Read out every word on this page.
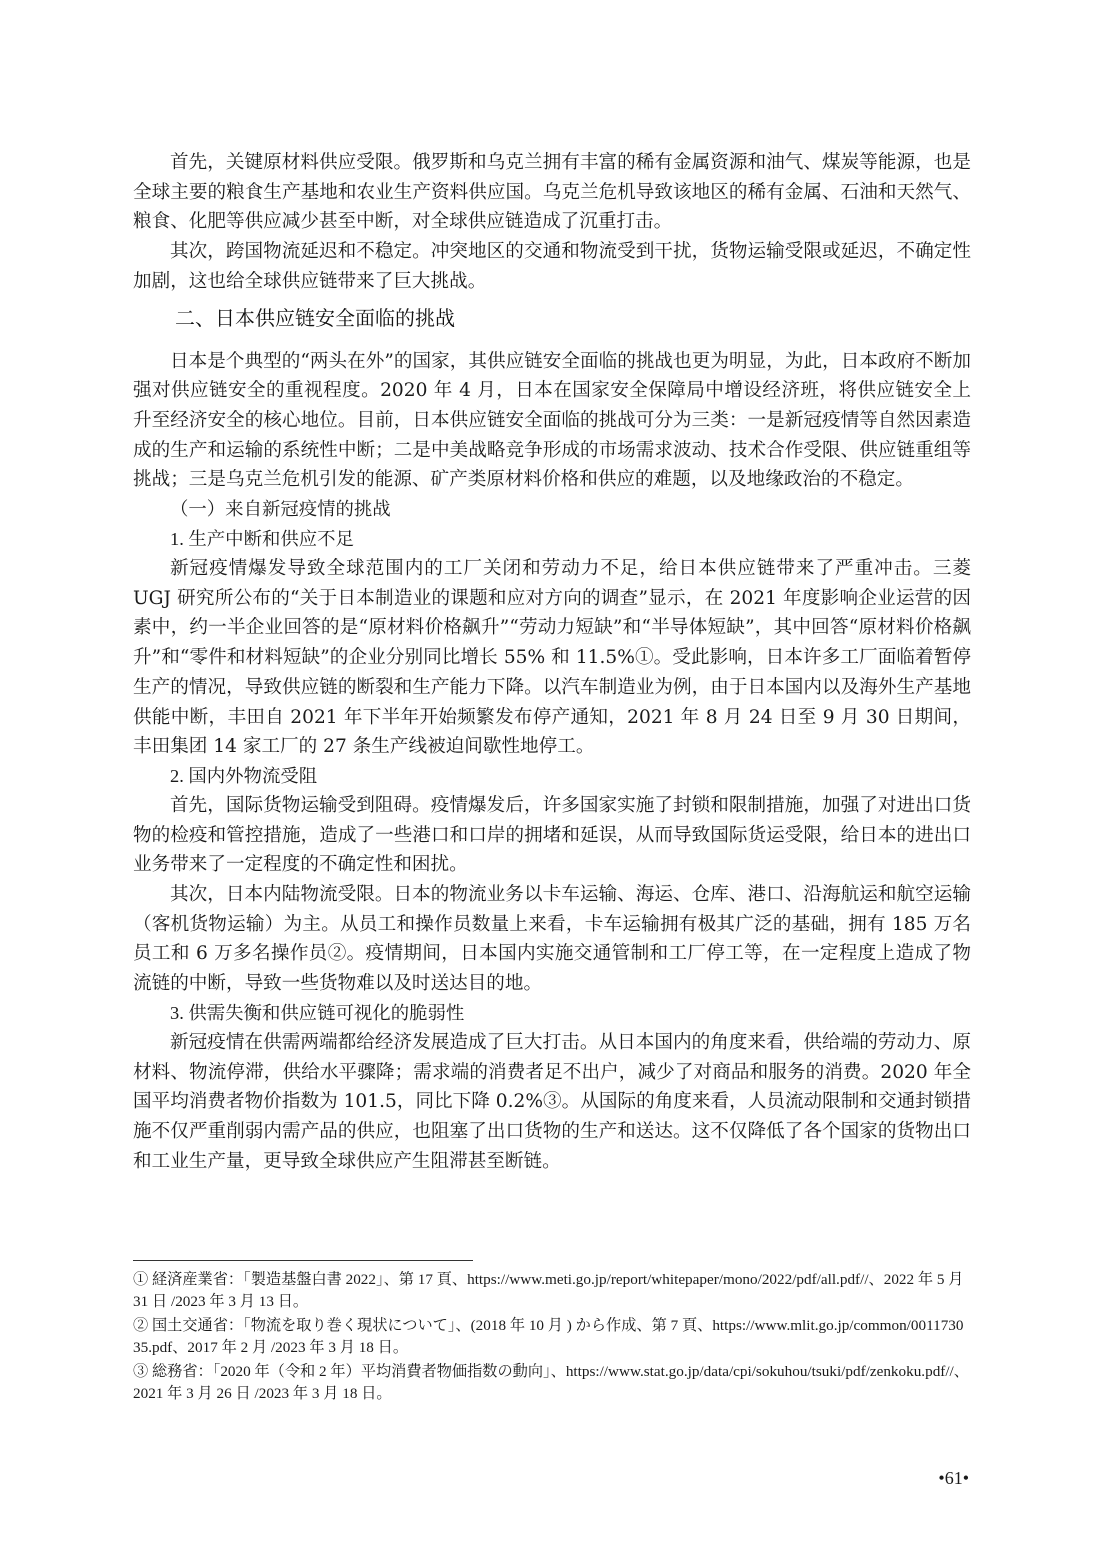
首先，关键原材料供应受限。俄罗斯和乌克兰拥有丰富的稀有金属资源和油气、煤炭等能源，也是全球主要的粮食生产基地和农业生产资料供应国。乌克兰危机导致该地区的稀有金属、石油和天然气、粮食、化肥等供应减少甚至中断，对全球供应链造成了沉重打击。

其次，跨国物流延迟和不稳定。冲突地区的交通和物流受到干扰，货物运输受限或延迟，不确定性加剧，这也给全球供应链带来了巨大挑战。

二、日本供应链安全面临的挑战

日本是个典型的“两头在外”的国家，其供应链安全面临的挑战也更为明显，为此，日本政府不断加强对供应链安全的重视程度。2020 年 4 月，日本在国家安全保障局中增设经济班，将供应链安全上升至经济安全的核心地位。目前，日本供应链安全面临的挑战可分为三类：一是新冠疫情等自然因素造成的生产和运输的系统性中断；二是中美战略竞争形成的市场需求波动、技术合作受限、供应链重组等挑战；三是乌克兰危机引发的能源、矿产类原材料价格和供应的难题，以及地缘政治的不稳定。

（一）来自新冠疫情的挑战

1. 生产中断和供应不足

新冠疫情爆发导致全球范围内的工厂关闭和劳动力不足，给日本供应链带来了严重冲击。三菱 UGJ 研究所公布的“关于日本制造业的课题和应对方向的调查”显示，在 2021 年度影响企业运营的因素中，约一半企业回答的是“原材料价格飙升”“劳动力短缺”和“半导体短缺”，其中回答“原材料价格飙升”和“零件和材料短缺”的企业分别同比增长 55% 和 11.5%①。受此影响，日本许多工厂面临着暂停生产的情况，导致供应链的断裂和生产能力下降。以汽车制造业为例，由于日本国内以及海外生产基地供能中断，丰田自 2021 年下半年开始频繁发布停产通知，2021 年 8 月 24 日至 9 月 30 日期间，丰田集团 14 家工厂的 27 条生产线被迫间歇性地停工。

2. 国内外物流受阻

首先，国际货物运输受到阻碍。疫情爆发后，许多国家实施了封锁和限制措施，加强了对进出口货物的检疫和管控措施，造成了一些港口和口岸的拥堵和延误，从而导致国际货运受限，给日本的进出口业务带来了一定程度的不确定性和困扰。

其次，日本内陆物流受限。日本的物流业务以卡车运输、海运、仓库、港口、沿海航运和航空运输（客机货物运输）为主。从员工和操作员数量上来看，卡车运输拥有极其广泛的基础，拥有 185 万名员工和 6 万多名操作员②。疫情期间，日本国内实施交通管制和工厂停工等，在一定程度上造成了物流链的中断，导致一些货物难以及时送达目的地。

3. 供需失衡和供应链可视化的脆弱性

新冠疫情在供需两端都给经济发展造成了巨大打击。从日本国内的角度来看，供给端的劳动力、原材料、物流停滞，供给水平骤降；需求端的消费者足不出户，减少了对商品和服务的消费。2020 年全国平均消费者物价指数为 101.5，同比下降 0.2%③。从国际的角度来看，人员流动限制和交通封锁措施不仅严重削弱内需产品的供应，也阻塞了出口货物的生产和送达。这不仅降低了各个国家的货物出口和工业生产量，更导致全球供应产生阻滞甚至断链。

① 経済産業省：「製造基盤白書 2022」、第 17 頁、https://www.meti.go.jp/report/whitepaper/mono/2022/pdf/all.pdf//、2022 年 5 月 31 日 /2023 年 3 月 13 日。

② 国土交通省：「物流を取り巻く現状について」、(2018 年 10 月 ) から作成、第 7 頁、https://www.mlit.go.jp/common/001173035.pdf、2017 年 2 月 /2023 年 3 月 18 日。

③ 総務省：「2020 年（令和 2 年）平均消費者物価指数の動向」、https://www.stat.go.jp/data/cpi/sokuhou/tsuki/pdf/zenkoku.pdf//、2021 年 3 月 26 日 /2023 年 3 月 18 日。

•61•
